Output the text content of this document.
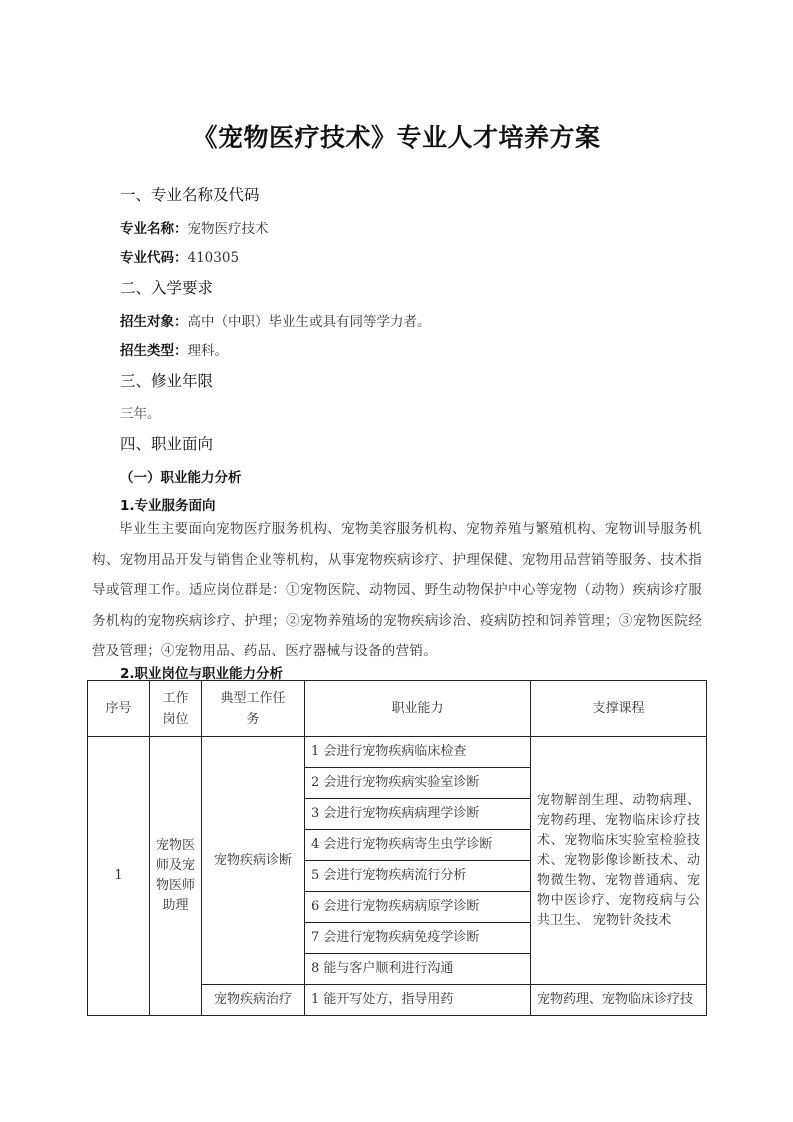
《宠物医疗技术》专业人才培养方案
一、专业名称及代码
专业名称：宠物医疗技术
专业代码：410305
二、入学要求
招生对象：高中（中职）毕业生或具有同等学力者。
招生类型：理科。
三、修业年限
三年。
四、职业面向
（一）职业能力分析
1.专业服务面向
毕业生主要面向宠物医疗服务机构、宠物美容服务机构、宠物养殖与繁殖机构、宠物训导服务机构、宠物用品开发与销售企业等机构，从事宠物疾病诊疗、护理保健、宠物用品营销等服务、技术指导或管理工作。适应岗位群是：①宠物医院、动物园、野生动物保护中心等宠物（动物）疾病诊疗服务机构的宠物疾病诊疗、护理；②宠物养殖场的宠物疾病诊治、疫病防控和饲养管理；③宠物医院经营及管理；④宠物用品、药品、医疗器械与设备的营销。
2.职业岗位与职业能力分析
序号	工作岗位	典型工作任务	职业能力	支撑课程
1	宠物医师及宠物医师助理	宠物疾病诊断	1 会进行宠物疾病临床检查	宠物解剖生理、动物病理、宠物药理、宠物临床诊疗技术、宠物临床实验室检验技术、宠物影像诊断技术、动物微生物、宠物普通病、宠物中医诊疗、宠物疫病与公共卫生、 宠物针灸技术
			2 会进行宠物疾病实验室诊断	
			3 会进行宠物疾病病理学诊断	
			4 会进行宠物疾病寄生虫学诊断	
			5 会进行宠物疾病流行分析	
			6 会进行宠物疾病病原学诊断	
			7 会进行宠物疾病免疫学诊断	
			8 能与客户顺利进行沟通	
		宠物疾病治疗	1 能开写处方，指导用药	宠物药理、宠物临床诊疗技
